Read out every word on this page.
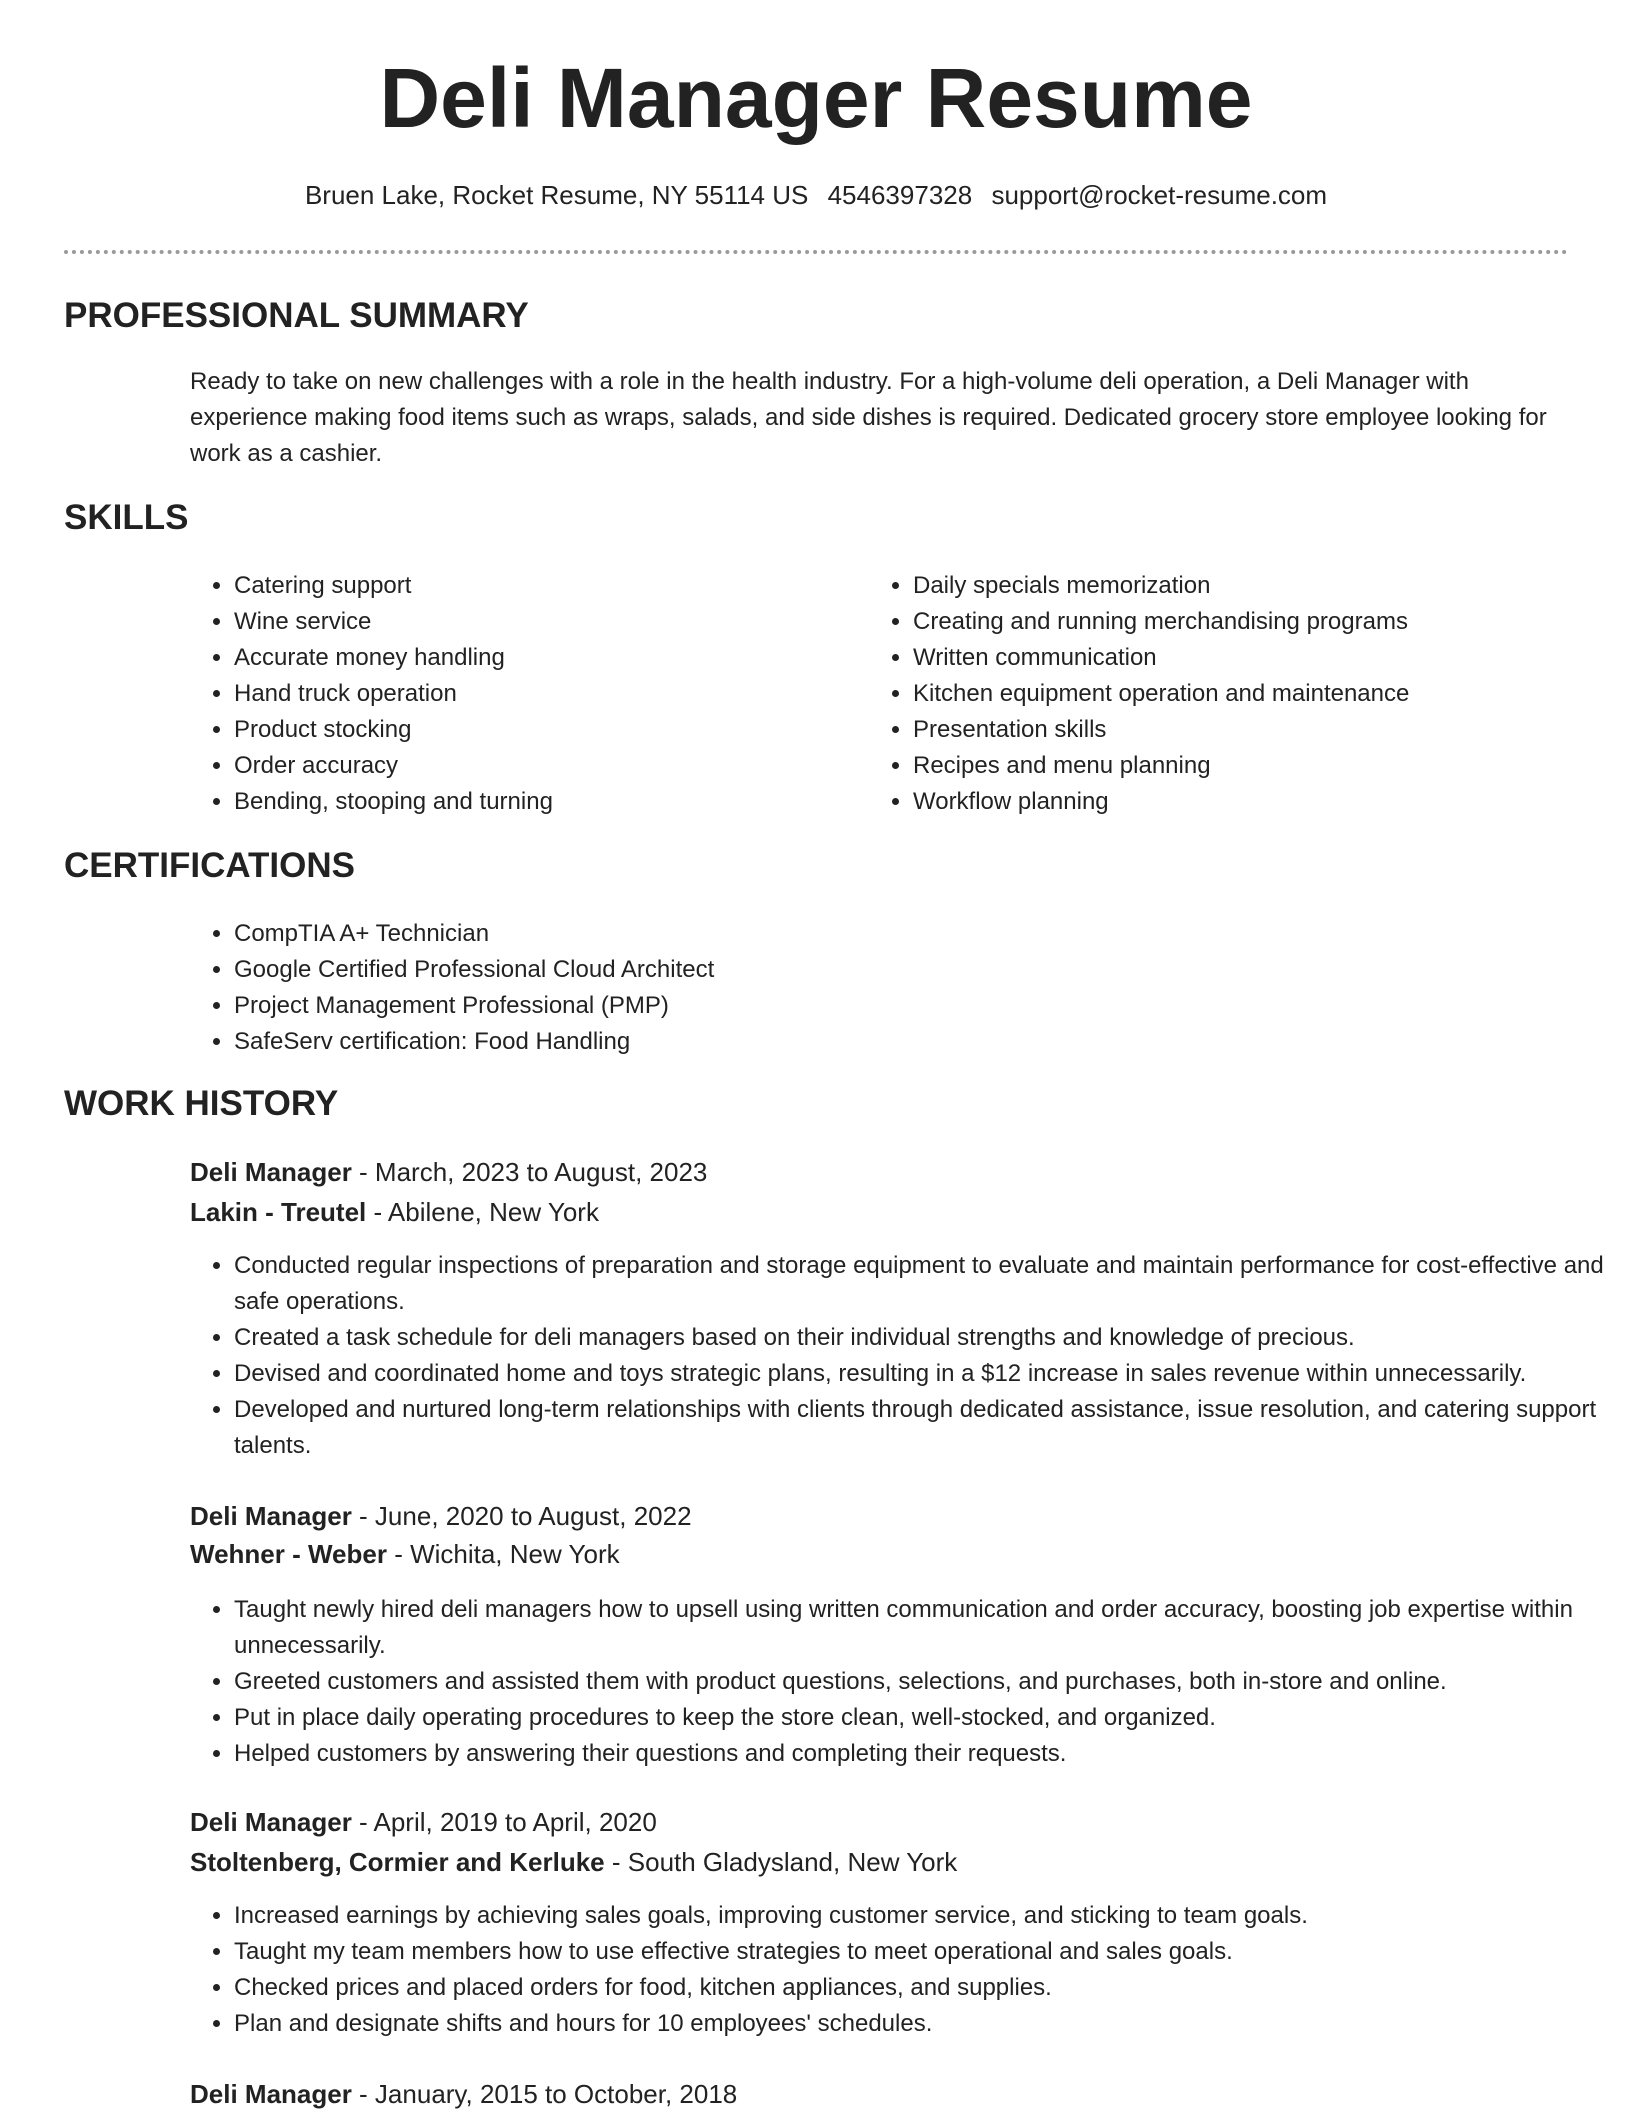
Deli Manager Resume
Bruen Lake, Rocket Resume, NY 55114 US 4546397328 support@rocket-resume.com
PROFESSIONAL SUMMARY
Ready to take on new challenges with a role in the health industry. For a high-volume deli operation, a Deli Manager with experience making food items such as wraps, salads, and side dishes is required. Dedicated grocery store employee looking for work as a cashier.
SKILLS
• Catering support
• Wine service
• Accurate money handling
• Hand truck operation
• Product stocking
• Order accuracy
• Bending, stooping and turning
• Daily specials memorization
• Creating and running merchandising programs
• Written communication
• Kitchen equipment operation and maintenance
• Presentation skills
• Recipes and menu planning
• Workflow planning
CERTIFICATIONS
• CompTIA A+ Technician
• Google Certified Professional Cloud Architect
• Project Management Professional (PMP)
• SafeServ certification: Food Handling
WORK HISTORY
Deli Manager - March, 2023 to August, 2023
Lakin - Treutel - Abilene, New York
• Conducted regular inspections of preparation and storage equipment to evaluate and maintain performance for cost-effective and safe operations.
• Created a task schedule for deli managers based on their individual strengths and knowledge of precious.
• Devised and coordinated home and toys strategic plans, resulting in a $12 increase in sales revenue within unnecessarily.
• Developed and nurtured long-term relationships with clients through dedicated assistance, issue resolution, and catering support talents.
Deli Manager - June, 2020 to August, 2022
Wehner - Weber - Wichita, New York
• Taught newly hired deli managers how to upsell using written communication and order accuracy, boosting job expertise within unnecessarily.
• Greeted customers and assisted them with product questions, selections, and purchases, both in-store and online.
• Put in place daily operating procedures to keep the store clean, well-stocked, and organized.
• Helped customers by answering their questions and completing their requests.
Deli Manager - April, 2019 to April, 2020
Stoltenberg, Cormier and Kerluke - South Gladysland, New York
• Increased earnings by achieving sales goals, improving customer service, and sticking to team goals.
• Taught my team members how to use effective strategies to meet operational and sales goals.
• Checked prices and placed orders for food, kitchen appliances, and supplies.
• Plan and designate shifts and hours for 10 employees' schedules.
Deli Manager - January, 2015 to October, 2018
